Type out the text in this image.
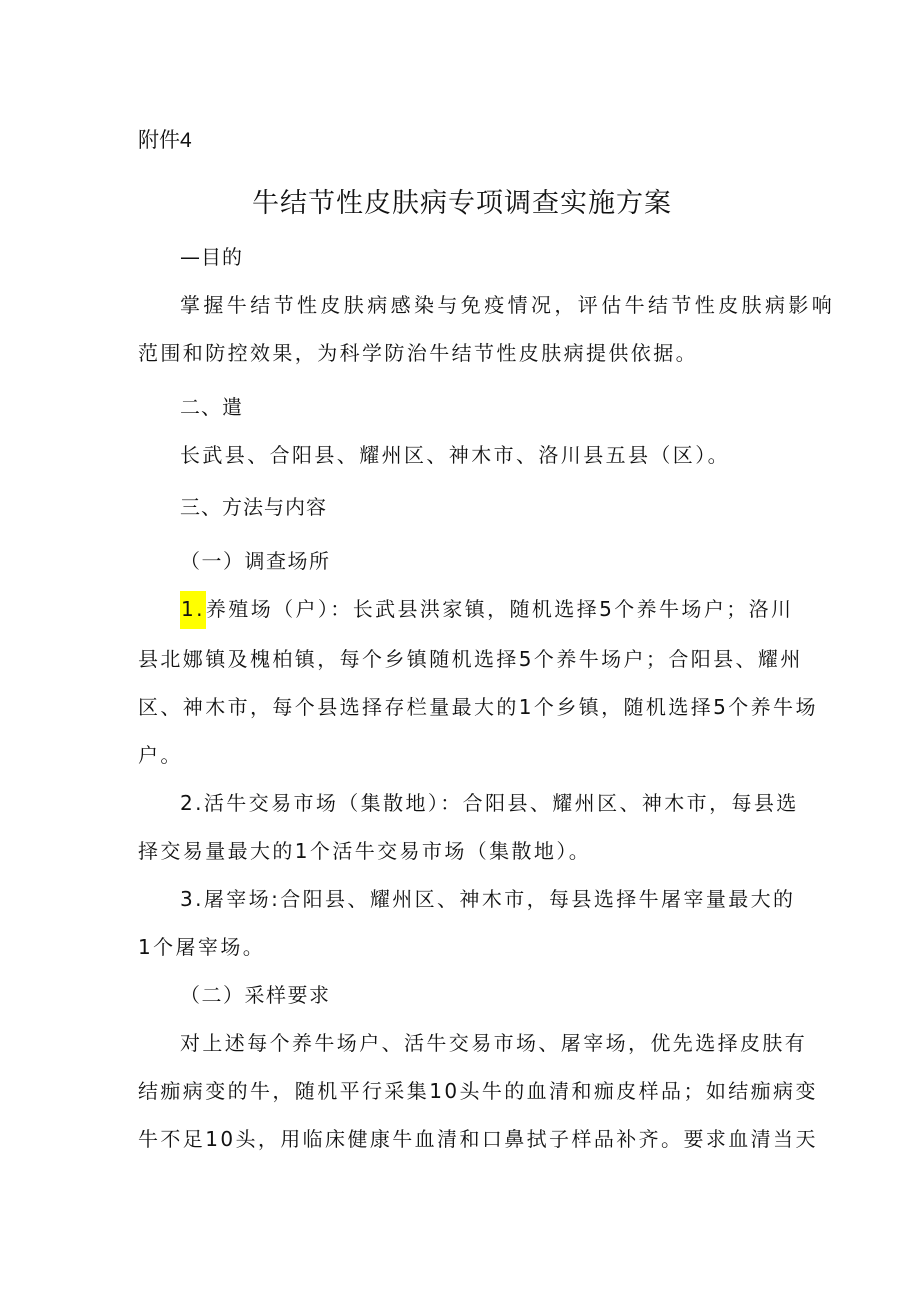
附件4
牛结节性皮肤病专项调查实施方案
—目的
掌握牛结节性皮肤病感染与免疫情况，评估牛结节性皮肤病影响
范围和防控效果，为科学防治牛结节性皮肤病提供依据。
二、遣
长武县、合阳县、耀州区、神木市、洛川县五县（区）。
三、方法与内容
（一）调查场所
1.养殖场（户）：长武县洪家镇，随机选择5个养牛场户；洛川
县北娜镇及槐柏镇，每个乡镇随机选择5个养牛场户；合阳县、耀州
区、神木市，每个县选择存栏量最大的1个乡镇，随机选择5个养牛场
户。
2.活牛交易市场（集散地）：合阳县、耀州区、神木市，每县选
择交易量最大的1个活牛交易市场（集散地）。
3.屠宰场:合阳县、耀州区、神木市，每县选择牛屠宰量最大的
1个屠宰场。
（二）采样要求
对上述每个养牛场户、活牛交易市场、屠宰场，优先选择皮肤有
结痂病变的牛，随机平行采集10头牛的血清和痂皮样品；如结痂病变
牛不足10头，用临床健康牛血清和口鼻拭子样品补齐。要求血清当天
